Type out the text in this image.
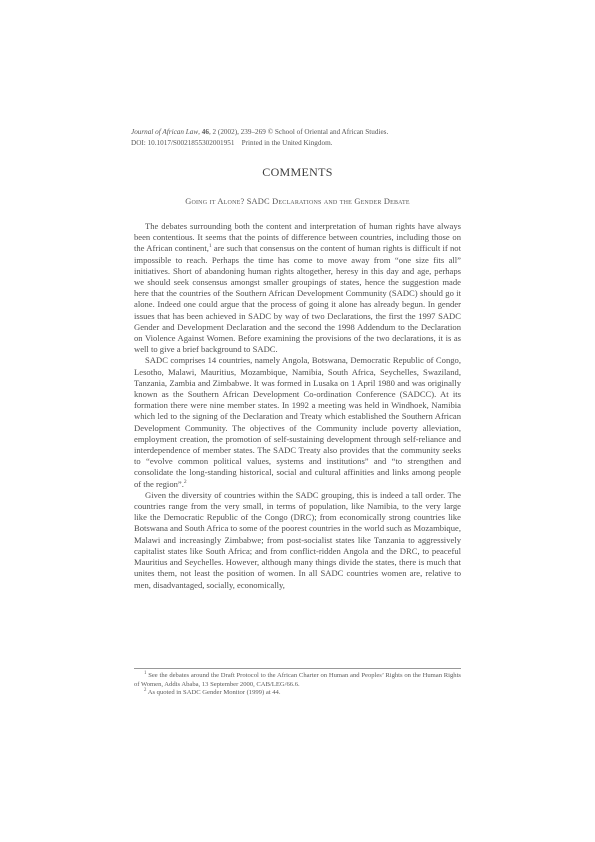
Journal of African Law, 46, 2 (2002), 239–269 © School of Oriental and African Studies.
DOI: 10.1017/S0021855302001951 Printed in the United Kingdom.
COMMENTS
Going it Alone? SADC Declarations and the Gender Debate

The debates surrounding both the content and interpretation of human rights have always been contentious. It seems that the points of difference between countries, including those on the African continent,$^1$ are such that consensus on the content of human rights is difficult if not impossible to reach. Perhaps the time has come to move away from “one size fits all” initiatives. Short of abandoning human rights altogether, heresy in this day and age, perhaps we should seek consensus amongst smaller groupings of states, hence the suggestion made here that the countries of the Southern African Development Community (SADC) should go it alone. Indeed one could argue that the process of going it alone has already begun. In gender issues that has been achieved in SADC by way of two Declarations, the first the 1997 SADC Gender and Development Declaration and the second the 1998 Addendum to the Declaration on Violence Against Women. Before examining the provisions of the two declarations, it is as well to give a brief background to SADC.

SADC comprises 14 countries, namely Angola, Botswana, Democratic Republic of Congo, Lesotho, Malawi, Mauritius, Mozambique, Namibia, South Africa, Seychelles, Swaziland, Tanzania, Zambia and Zimbabwe. It was formed in Lusaka on 1 April 1980 and was originally known as the Southern African Development Co-ordination Conference (SADCC). At its formation there were nine member states. In 1992 a meeting was held in Windhoek, Namibia which led to the signing of the Declaration and Treaty which established the Southern African Development Community. The objectives of the Community include poverty alleviation, employment creation, the promotion of self-sustaining development through self-reliance and interdependence of member states. The SADC Treaty also provides that the community seeks to “evolve common political values, systems and institutions” and “to strengthen and consolidate the long-standing historical, social and cultural affinities and links among people of the region”.$^2$

Given the diversity of countries within the SADC grouping, this is indeed a tall order. The countries range from the very small, in terms of population, like Namibia, to the very large like the Democratic Republic of the Congo (DRC); from economically strong countries like Botswana and South Africa to some of the poorest countries in the world such as Mozambique, Malawi and increasingly Zimbabwe; from post-socialist states like Tanzania to aggressively capitalist states like South Africa; and from conflict-ridden Angola and the DRC, to peaceful Mauritius and Seychelles. However, although many things divide the states, there is much that unites them, not least the position of women. In all SADC countries women are, relative to men, disadvantaged, socially, economically,

$^1$ See the debates around the Draft Protocol to the African Charter on Human and Peoples’ Rights on the Human Rights of Women, Addis Ababa, 13 September 2000, CAB/LEG/66.6.

$^2$ As quoted in SADC Gender Monitor (1999) at 44.
